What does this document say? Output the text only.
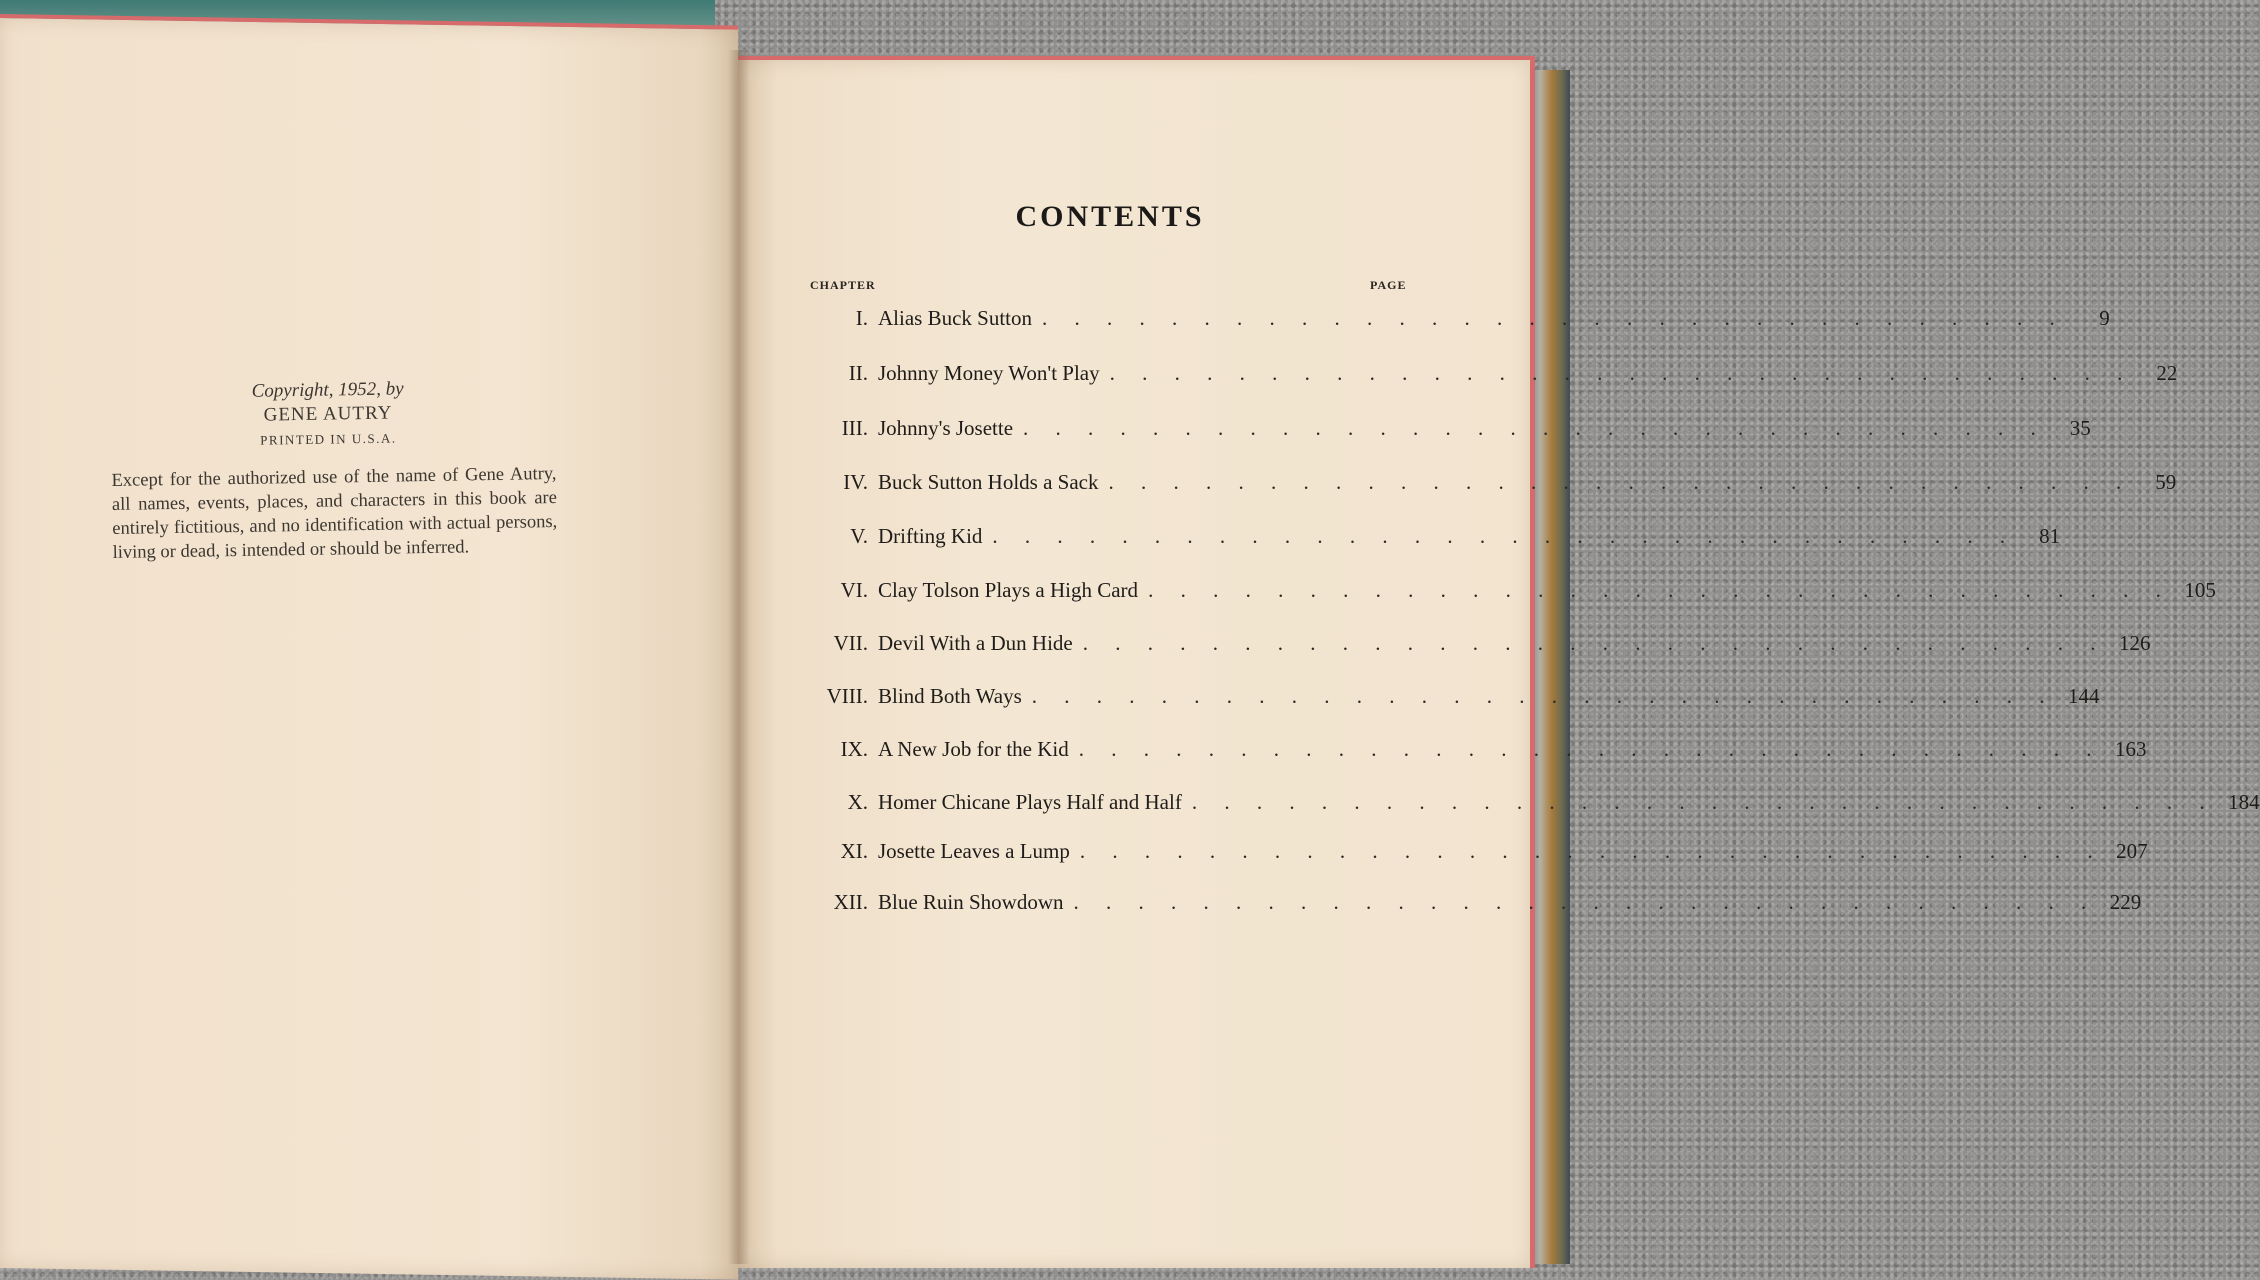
Copyright, 1952, by
GENE AUTRY
PRINTED IN U.S.A.
Except for the authorized use of the name of Gene Autry, all names, events, places, and characters in this book are entirely fictitious, and no identification with actual persons, living or dead, is intended or should be inferred.
CONTENTS
CHAPTER	PAGE
I. Alias Buck Sutton . . . . . . . . . . . . . . . . . . . . . . . . . . . . . . . .	9
II. Johnny Money Won't Play . . . . . . . . . . . . . . . . . . . . . . . . . . . . . . . .	22
III. Johnny's Josette . . . . . . . . . . . . . . . . . . . . . . . . . . . . . . . .	35
IV. Buck Sutton Holds a Sack . . . . . . . . . . . . . . . . . . . . . . . . . . . . . . . .	59
V. Drifting Kid . . . . . . . . . . . . . . . . . . . . . . . . . . . . . . . .	81
VI. Clay Tolson Plays a High Card . . . . . . . . . . . . . . . . . . . . . . . . . . . . . . . . 105
VII. Devil With a Dun Hide . . . . . . . . . . . . . . . . . . . . . . . . . . . . . . . . 126
VIII. Blind Both Ways . . . . . . . . . . . . . . . . . . . . . . . . . . . . . . . . 144
IX. A New Job for the Kid . . . . . . . . . . . . . . . . . . . . . . . . . . . . . . . . 163
X. Homer Chicane Plays Half and Half . . . . . . . . . . . . . . . . . . . . . . . . . . . . . . . . 184
XI. Josette Leaves a Lump . . . . . . . . . . . . . . . . . . . . . . . . . . . . . . . . 207
XII. Blue Ruin Showdown . . . . . . . . . . . . . . . . . . . . . . . . . . . . . . . . 229
